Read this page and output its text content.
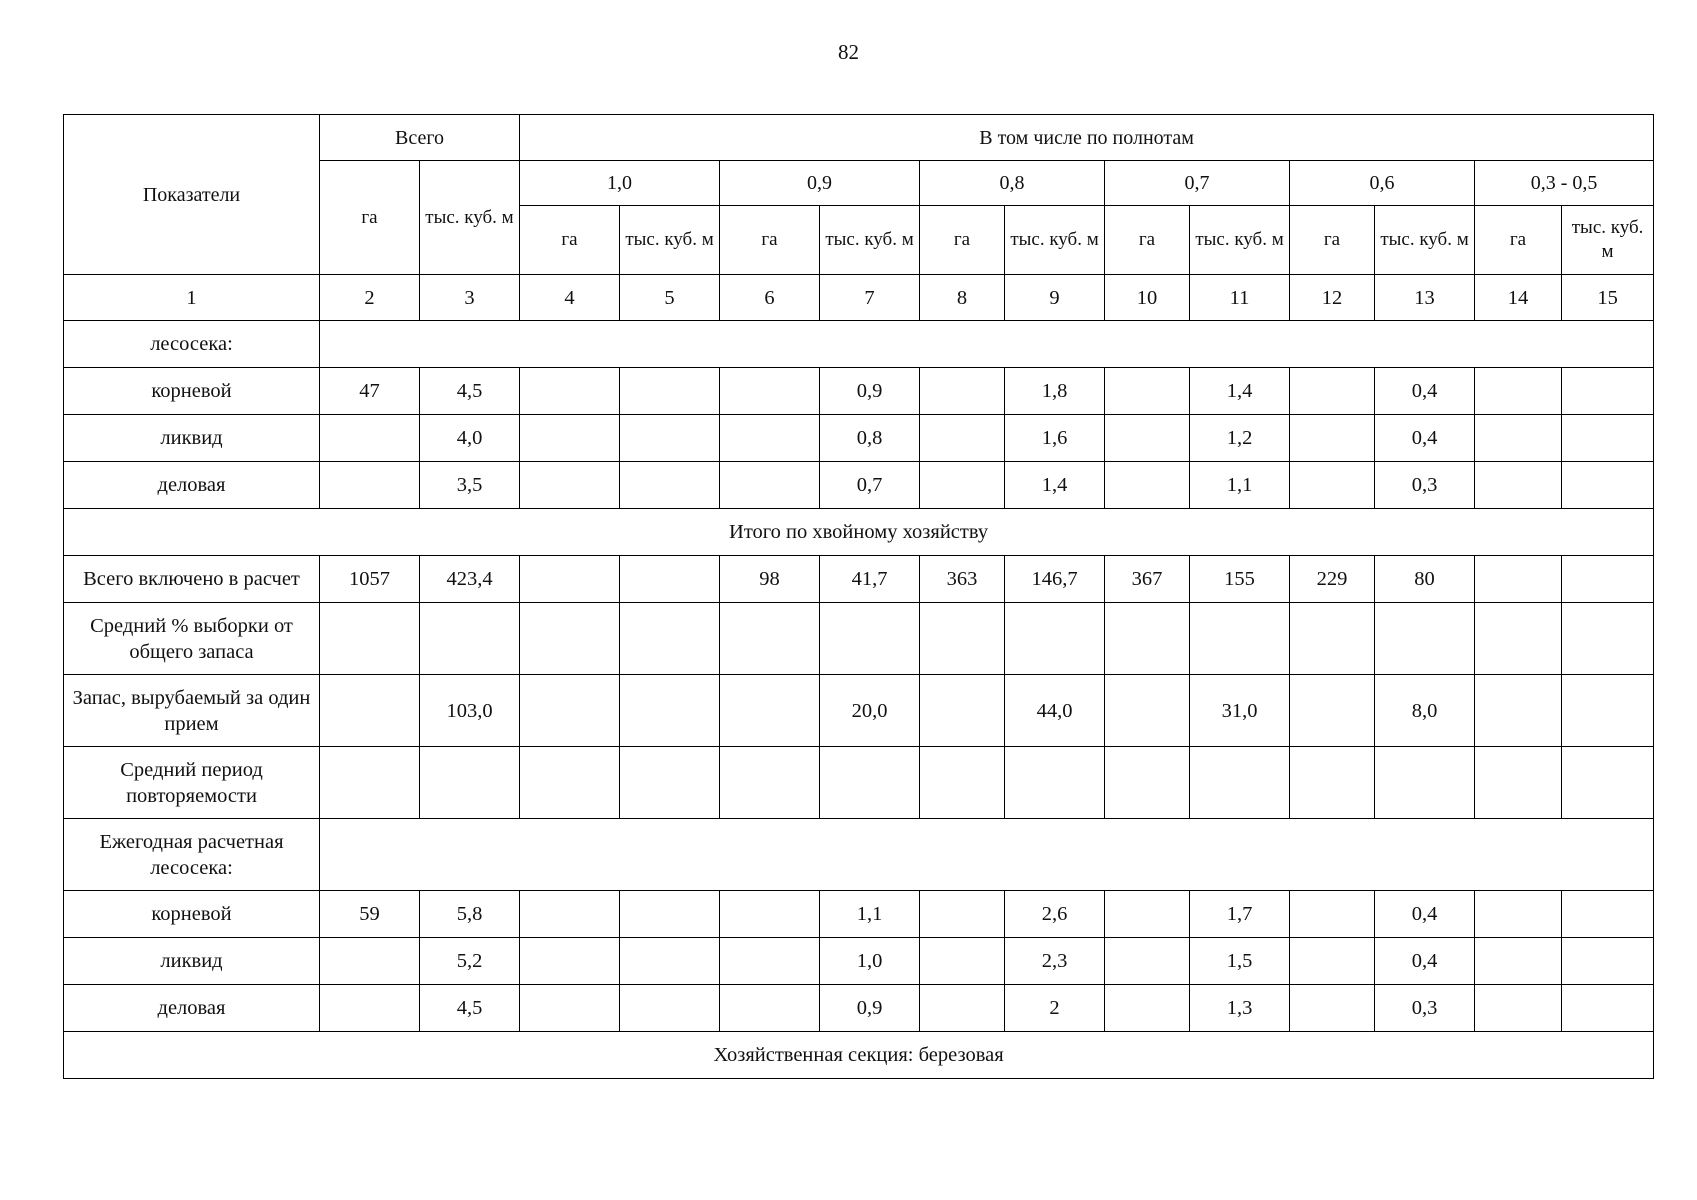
82
Показатели	Всего		В том числе по полнотам											
	га	тыс. куб. м	1,0		0,9		0,8		0,7		0,6		0,3 - 0,5	
			га	тыс. куб. м	га	тыс. куб. м	га	тыс. куб. м	га	тыс. куб. м	га	тыс. куб. м	га	тыс. куб. м
1	2	3	4	5	6	7	8	9	10	11	12	13	14	15
лесосека:														
корневой	47	4,5				0,9		1,8		1,4		0,4		
ликвид		4,0				0,8		1,6		1,2		0,4		
деловая		3,5				0,7		1,4		1,1		0,3		
Итого по хвойному хозяйству														
Всего включено в расчет	1057	423,4			98	41,7	363	146,7	367	155	229	80		
Средний % выборки от общего запаса														
Запас, вырубаемый за один прием		103,0				20,0		44,0		31,0		8,0		
Средний период повторяемости														
Ежегодная расчетная лесосека:														
корневой	59	5,8				1,1		2,6		1,7		0,4		
ликвид		5,2				1,0		2,3		1,5		0,4		
деловая		4,5				0,9		2		1,3		0,3		
Хозяйственная секция: березовая														
